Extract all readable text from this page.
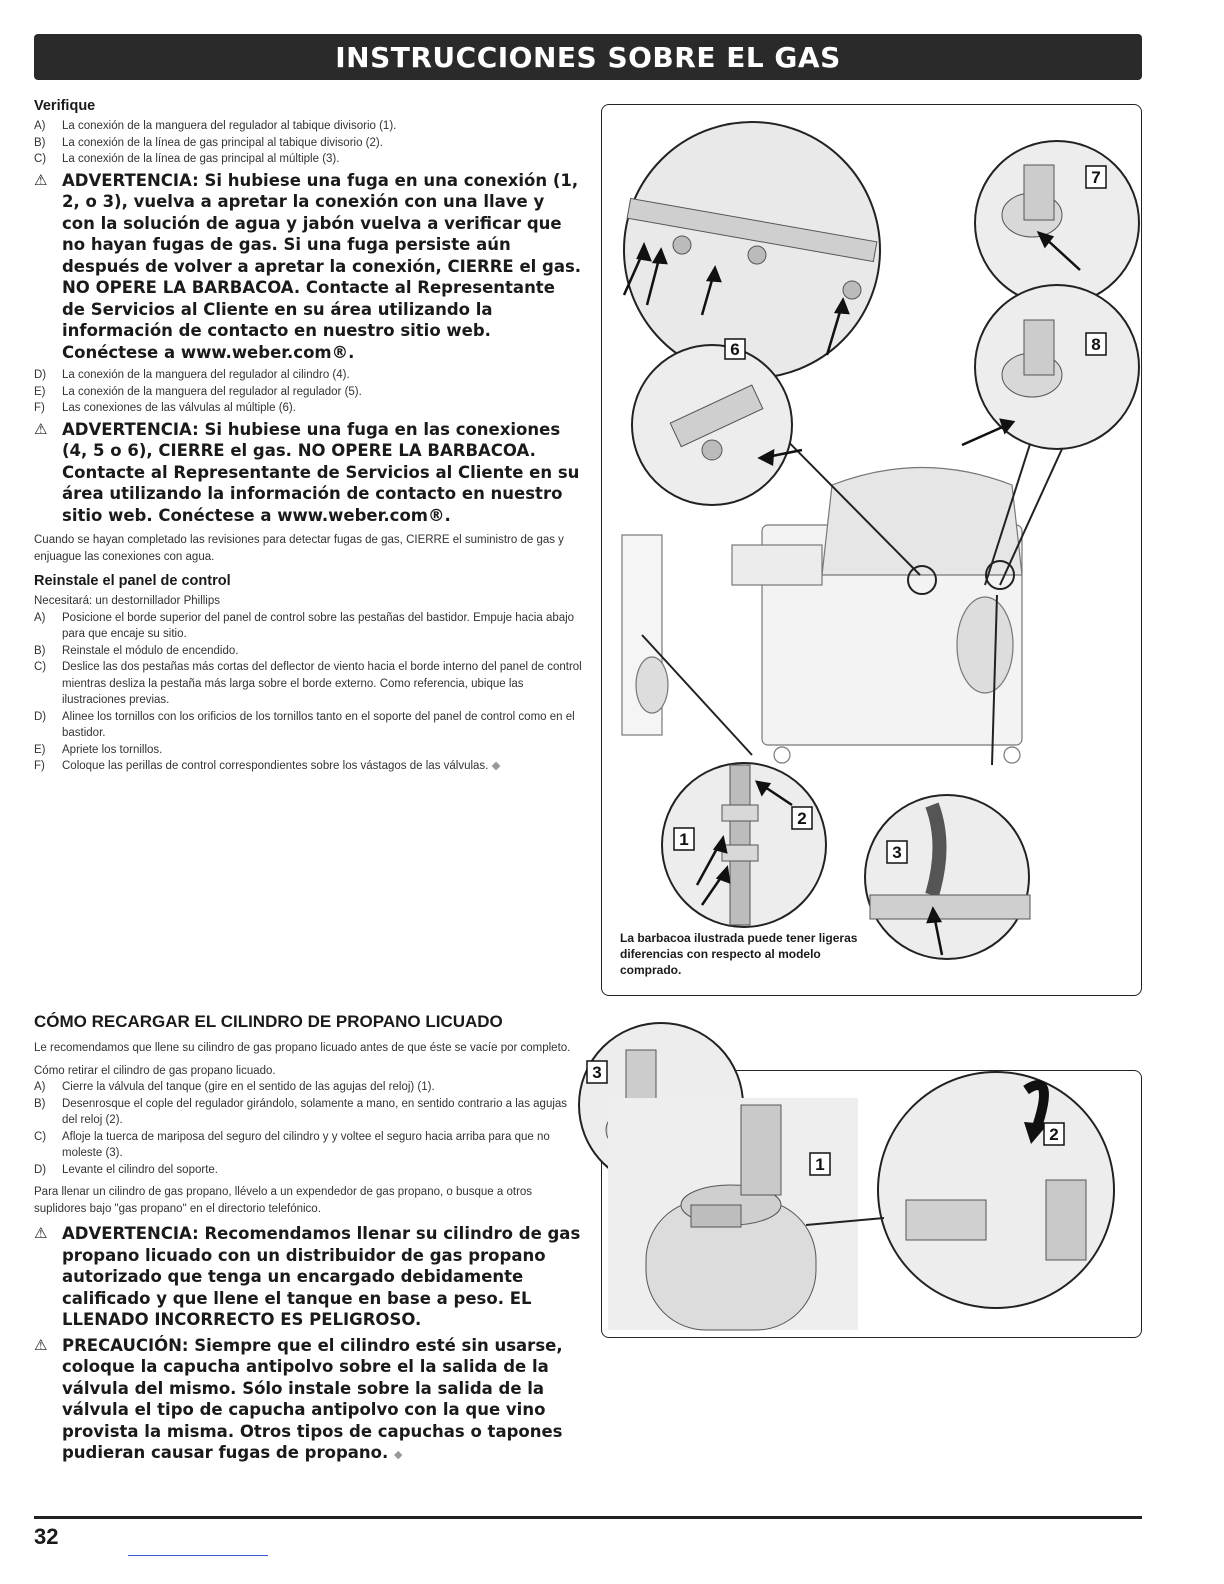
INSTRUCCIONES SOBRE EL GAS
Verifique
A)	La conexión de la manguera del regulador al tabique divisorio (1).
B)	La conexión de la línea de gas principal al tabique divisorio (2).
C)	La conexión de la línea de gas principal al múltiple (3).
⚠ ADVERTENCIA: Si hubiese una fuga en una conexión (1, 2, o 3), vuelva a apretar la conexión con una llave y con la solución de agua y jabón vuelva a verificar que no hayan fugas de gas. Si una fuga persiste aún después de volver a apretar la conexión, CIERRE el gas. NO OPERE LA BARBACOA. Contacte al Representante de Servicios al Cliente en su área utilizando la información de contacto en nuestro sitio web. Conéctese a www.weber.com®.
D)	La conexión de la manguera del regulador al cilindro (4).
E)	La conexión de la manguera del regulador al regulador (5).
F)	Las conexiones de las válvulas al múltiple (6).
⚠ ADVERTENCIA: Si hubiese una fuga en las conexiones (4, 5 o 6), CIERRE el gas. NO OPERE LA BARBACOA. Contacte al Representante de Servicios al Cliente en su área utilizando la información de contacto en nuestro sitio web. Conéctese a www.weber.com®.

Cuando se hayan completado las revisiones para detectar fugas de gas, CIERRE el suministro de gas y enjuague las conexiones con agua.

Reinstale el panel de control

Necesitará: un destornillador Phillips

A)	Posicione el borde superior del panel de control sobre las pestañas del bastidor. Empuje hacia abajo para que encaje su sitio.
B)	Reinstale el módulo de encendido.
C)	Deslice las dos pestañas más cortas del deflector de viento hacia el borde interno del panel de control mientras desliza la pestaña más larga sobre el borde externo. Como referencia, ubique las ilustraciones previas.
D)	Alinee los tornillos con los orificios de los tornillos tanto en el soporte del panel de control como en el bastidor.
E)	Apriete los tornillos.
F)	Coloque las perillas de control correspondientes sobre los vástagos de las válvulas. ◆
6
7
8
1
2
3
La barbacoa ilustrada puede tener ligeras diferencias con respecto al modelo comprado.
CÓMO RECARGAR EL CILINDRO DE PROPANO LICUADO

Le recomendamos que llene su cilindro de gas propano licuado antes de que éste se vacíe por completo.

Cómo retirar el cilindro de gas propano licuado.

A)	Cierre la válvula del tanque (gire en el sentido de las agujas del reloj) (1).
B)	Desenrosque el cople del regulador girándolo, solamente a mano, en sentido contrario a las agujas del reloj (2).
C)	Afloje la tuerca de mariposa del seguro del cilindro y y voltee el seguro hacia arriba para que no moleste (3).
D)	Levante el cilindro del soporte.

Para llenar un cilindro de gas propano, llévelo a un expendedor de gas propano, o busque a otros suplidores bajo "gas propano" en el directorio telefónico.

⚠ ADVERTENCIA: Recomendamos llenar su cilindro de gas propano licuado con un distribuidor de gas propano autorizado que tenga un encargado debidamente calificado y que llene el tanque en base a peso. EL LLENADO INCORRECTO ES PELIGROSO.
⚠ PRECAUCIÓN: Siempre que el cilindro esté sin usarse, coloque la capucha antipolvo sobre el la salida de la válvula del mismo. Sólo instale sobre la salida de la válvula el tipo de capucha antipolvo con la que vino provista la misma. Otros tipos de capuchas o tapones pudieran causar fugas de propano. ◆
3
1
2
32
